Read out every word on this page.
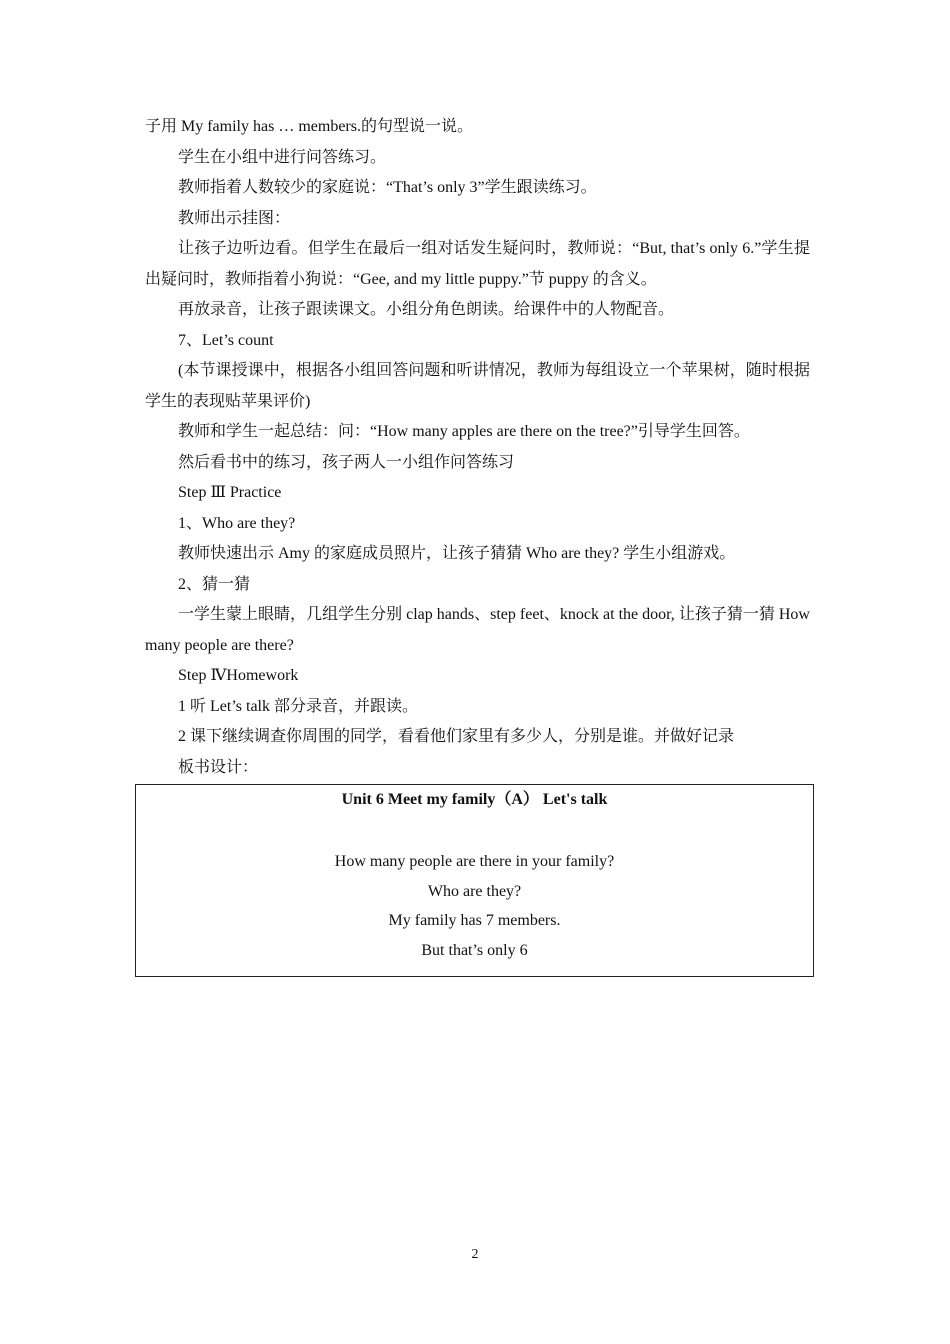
子用 My family has … members.的句型说一说。

学生在小组中进行问答练习。

教师指着人数较少的家庭说：“That’s only 3”学生跟读练习。

教师出示挂图：

让孩子边听边看。但学生在最后一组对话发生疑问时，教师说：“But, that’s only 6.”学生提出疑问时，教师指着小狗说：“Gee, and my little puppy.”节 puppy 的含义。

再放录音，让孩子跟读课文。小组分角色朗读。给课件中的人物配音。

7、Let’s count

(本节课授课中，根据各小组回答问题和听讲情况，教师为每组设立一个苹果树，随时根据学生的表现贴苹果评价)

教师和学生一起总结：问：“How many apples are there on the tree?”引导学生回答。

然后看书中的练习，孩子两人一小组作问答练习

Step Ⅲ Practice

1、Who are they?

教师快速出示 Amy 的家庭成员照片，让孩子猜猜 Who are they? 学生小组游戏。

2、猜一猜

一学生蒙上眼睛，几组学生分别 clap hands、step feet、knock at the door, 让孩子猜一猜 How many people are there?

Step ⅣHomework

1 听 Let’s talk 部分录音，并跟读。

2 课下继续调查你周围的同学，看看他们家里有多少人，分别是谁。并做好记录

板书设计：

Unit 6 Meet my family（A） Let's talk
How many people are there in your family?
Who are they?
My family has 7 members.
But that’s only 6
2
